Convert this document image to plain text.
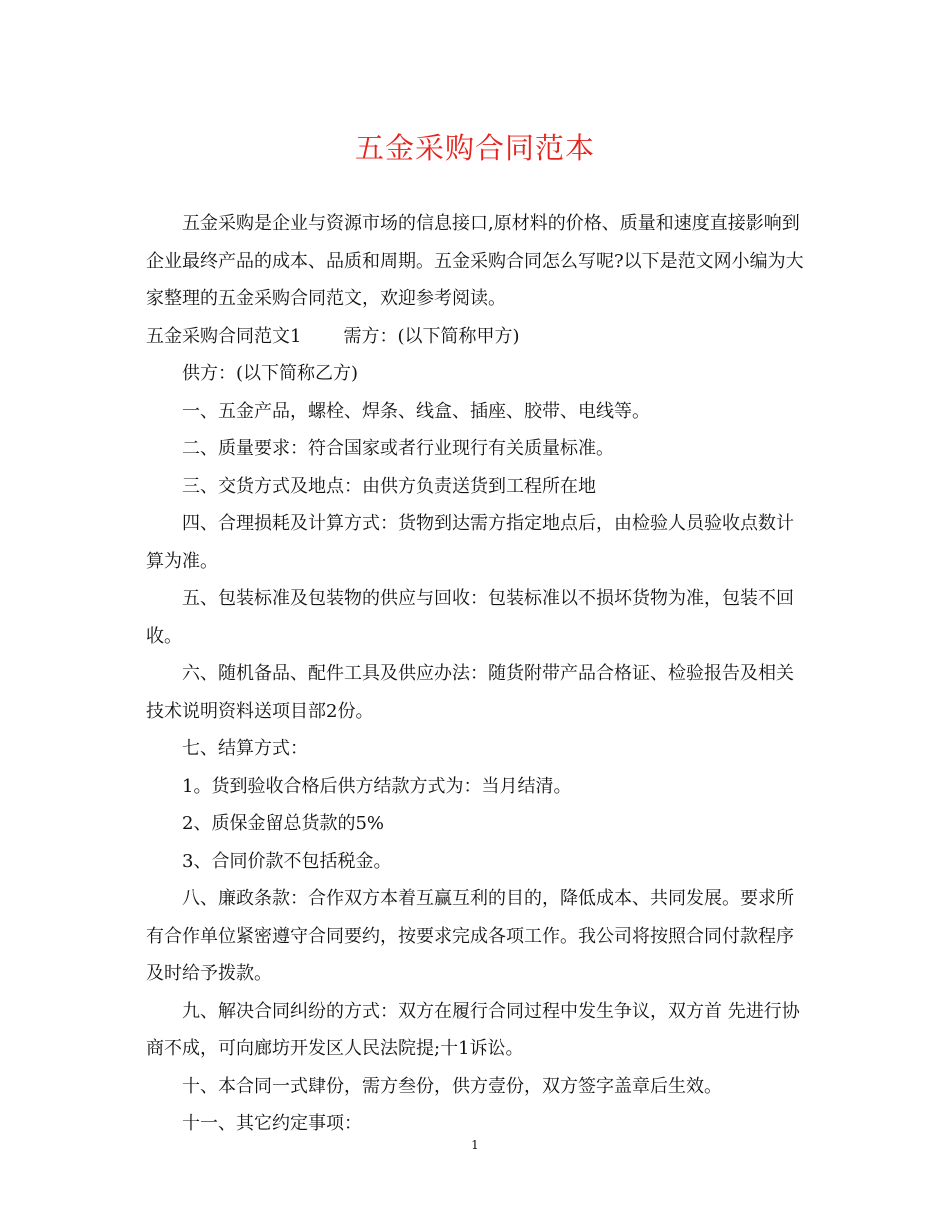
五金采购合同范本

五金采购是企业与资源市场的信息接口,原材料的价格、质量和速度直接影响到企业最终产品的成本、品质和周期。五金采购合同怎么写呢?以下是范文网小编为大家整理的五金采购合同范文，欢迎参考阅读。

五金采购合同范文1 需方：(以下简称甲方)

供方：(以下简称乙方)

一、五金产品，螺栓、焊条、线盒、插座、胶带、电线等。

二、质量要求：符合国家或者行业现行有关质量标准。

三、交货方式及地点：由供方负责送货到工程所在地

四、合理损耗及计算方式：货物到达需方指定地点后，由检验人员验收点数计算为准。

五、包装标准及包装物的供应与回收：包装标准以不损坏货物为准，包装不回收。

六、随机备品、配件工具及供应办法：随货附带产品合格证、检验报告及相关技术说明资料送项目部2份。

七、结算方式：

1。货到验收合格后供方结款方式为：当月结清。

2、质保金留总货款的5%

3、合同价款不包括税金。

八、廉政条款：合作双方本着互赢互利的目的，降低成本、共同发展。要求所有合作单位紧密遵守合同要约，按要求完成各项工作。我公司将按照合同付款程序及时给予拨款。

九、解决合同纠纷的方式：双方在履行合同过程中发生争议，双方首 先进行协商不成，可向廊坊开发区人民法院提;十1诉讼。

十、本合同一式肆份，需方叁份，供方壹份，双方签字盖章后生效。

十一、其它约定事项：

1
